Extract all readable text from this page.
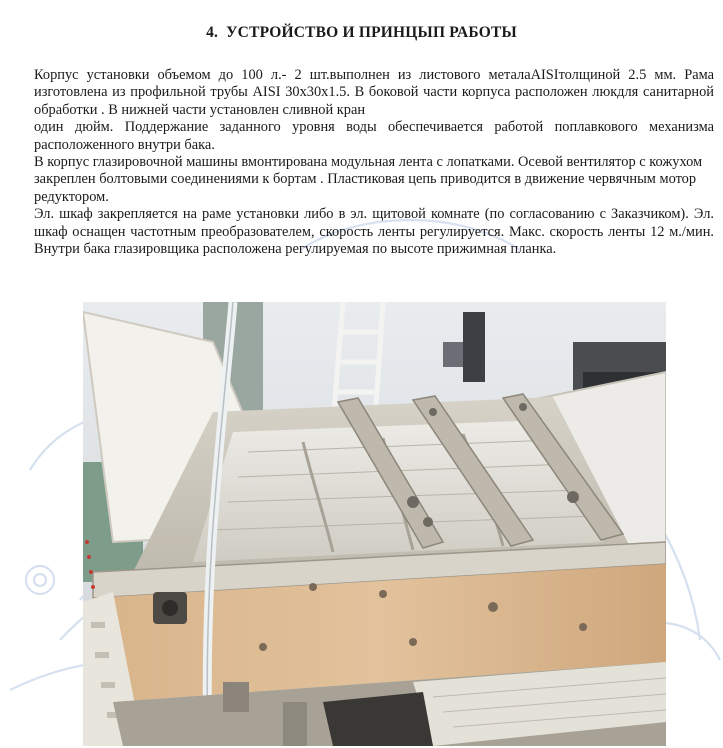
4. УСТРОЙСТВО И ПРИНЦЫП РАБОТЫ

Корпус установки объемом до 100 л.- 2 шт.выполнен из листового металаAISIтолщиной 2.5 мм. Рама изготовлена из профильной трубы AISI 30х30х1.5. В боковой части корпуса расположен люкдля санитарной обработки . В нижней части установлен сливной кран

один дюйм. Поддержание заданного уровня воды обеспечивается работой поплавкового механизма расположенного внутри бака.

В корпус глазировочной машины вмонтирована модульная лента с лопатками. Осевой вентилятор с кожухом закреплен болтовыми соединениями к бортам . Пластиковая цепь приводится в движение червячным мотор редуктором.

Эл. шкаф закрепляется на раме установки либо в эл. щитовой комнате (по согласованию с Заказчиком). Эл. шкаф оснащен частотным преобразователем, скорость ленты регулируется. Макс. скорость ленты 12 м./мин. Внутри бака глазировщика расположена регулируемая по высоте прижимная планка.
